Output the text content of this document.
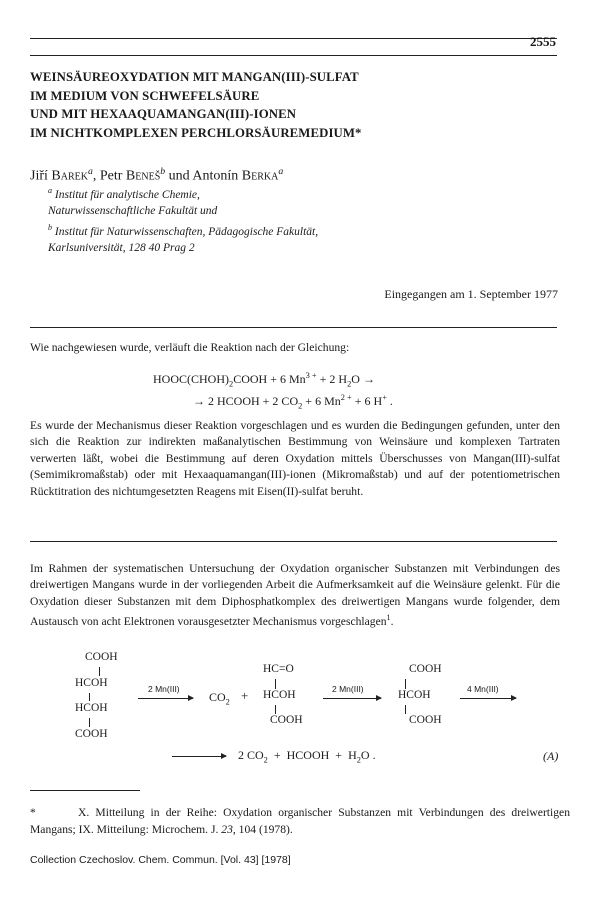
2555
WEINSÄUREOXYDATION MIT MANGAN(III)-SULFAT
IM MEDIUM VON SCHWEFELSÄURE
UND MIT HEXAAQUAMANGAN(III)-IONEN
IM NICHTKOMPLEXEN PERCHLORSÄUREMEDIUM*
Jiří Barek$^a$, Petr Beneš$^b$ und Antonín Berka$^a$
$^a$ Institut für analytische Chemie,
Naturwissenschaftliche Fakultät und
$^b$ Institut für Naturwissenschaften, Pädagogische Fakultät,
Karlsuniversität, 128 40 Prag 2
Eingegangen am 1. September 1977
Wie nachgewiesen wurde, verläuft die Reaktion nach der Gleichung:
$HOOC(CHOH)_2COOH + 6$ $Mn^{3 +} + 2$ $H_2O$ →
→ 2 HCOOH + 2 $CO_2 + 6$ $Mn^{2 +} + 6$ H+ .
Es wurde der Mechanismus dieser Reaktion vorgeschlagen und es wurden die Bedingungen gefunden, unter den sich die Reaktion zur indirekten maßanalytischen Bestimmung von Weinsäure und komplexen Tartraten verwerten läßt, wobei die Bestimmung auf deren Oxydation mittels Überschusses von Mangan(III)-sulfat (Semimikromaßstab) oder mit Hexaaquamangan(III)-ionen (Mikromaßstab) und auf der potentiometrischen Rücktitration des nichtumgesetzten Reagens mit Eisen(II)-sulfat beruht.
Im Rahmen der systematischen Untersuchung der Oxydation organischer Substanzen mit Verbindungen des dreiwertigen Mangans wurde in der vorliegenden Arbeit die Aufmerksamkeit auf die Weinsäure gelenkt. Für die Oxydation dieser Substanzen mit dem Diphosphatkomplex des dreiwertigen Mangans wurde folgender, dem Austausch von acht Elektronen vorausgesetzter Mechanismus vorgeschlagen$^1$.
COOH
HCOH
HCOH
COOH
2 Mn(III)
$CO_2$ +
HC=O
HCOH
COOH
2 Mn(III)
COOH
HCOH
COOH
4 Mn(III)
2 $CO_2$  +  HCOOH  +  $H_2O$ .	(A)
*	X. Mitteilung in der Reihe: Oxydation organischer Substanzen mit Verbindungen des dreiwertigen Mangans; IX. Mitteilung: Microchem. J. 23, 104 (1978).
Collection Czechoslov. Chem. Commun. [Vol. 43] [1978]
